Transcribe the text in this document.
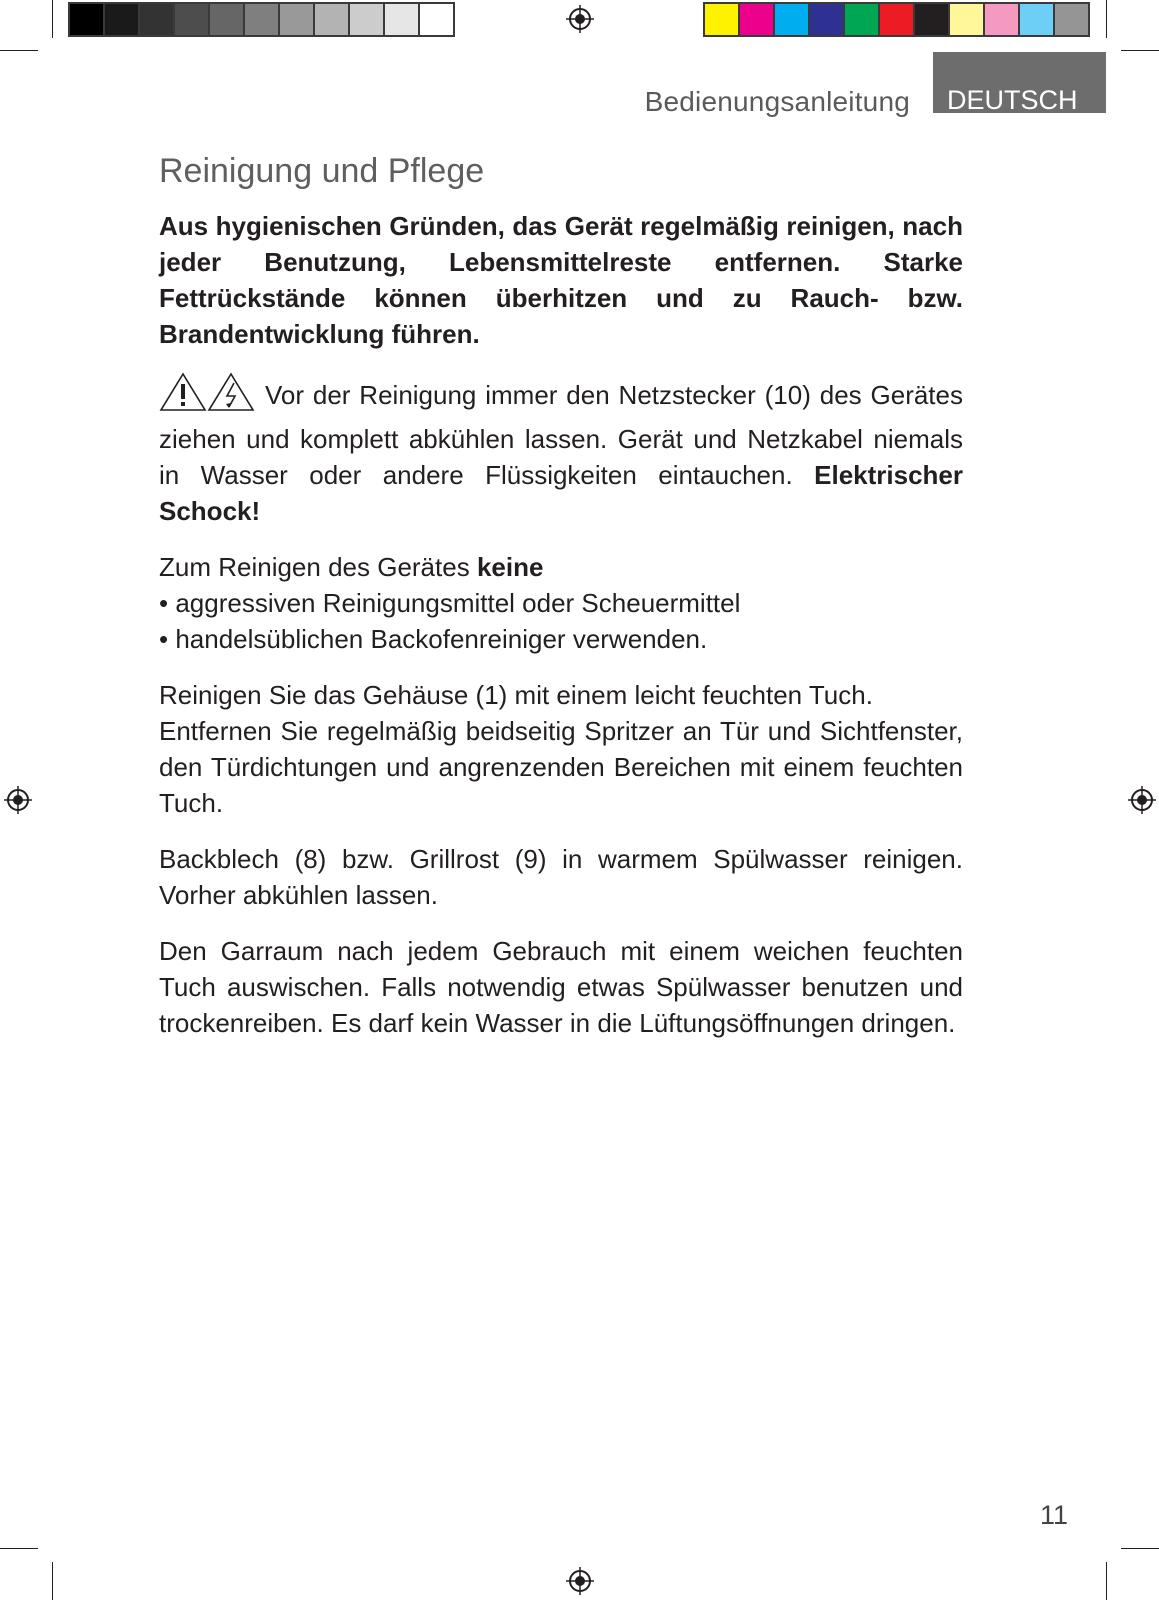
Bedienungsanleitung	DEUTSCH
Reinigung und Pflege

Aus hygienischen Gründen, das Gerät regelmäßig reinigen, nach jeder Benutzung, Lebensmittelreste entfernen. Starke Fettrückstände können überhitzen und zu Rauch- bzw. Brandentwicklung führen.

Vor der Reinigung immer den Netzstecker (10) des Gerätes ziehen und komplett abkühlen lassen. Gerät und Netzkabel niemals in Wasser oder andere Flüssigkeiten eintauchen. Elektrischer Schock!

Zum Reinigen des Gerätes keine
• aggressiven Reinigungsmittel oder Scheuermittel
• handelsüblichen Backofenreiniger verwenden.

Reinigen Sie das Gehäuse (1) mit einem leicht feuchten Tuch.
Entfernen Sie regelmäßig beidseitig Spritzer an Tür und Sichtfenster, den Türdichtungen und angrenzenden Bereichen mit einem feuchten Tuch.

Backblech (8) bzw. Grillrost (9) in warmem Spülwasser reinigen. Vorher abkühlen lassen.

Den Garraum nach jedem Gebrauch mit einem weichen feuchten Tuch auswischen. Falls notwendig etwas Spülwasser benutzen und trockenreiben. Es darf kein Wasser in die Lüftungsöffnungen dringen.

11
